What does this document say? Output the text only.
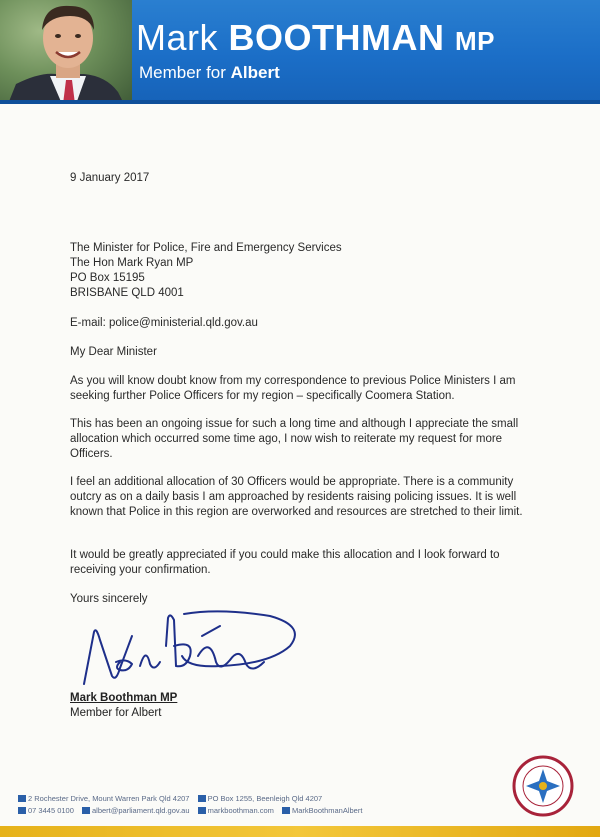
Mark BOOTHMAN MP
Member for Albert
9 January 2017

The Minister for Police, Fire and Emergency Services

The Hon Mark Ryan MP

PO Box 15195

BRISBANE QLD 4001

E-mail: police@ministerial.qld.gov.au
My Dear Minister
As you will know doubt know from my correspondence to previous Police Ministers I am seeking further Police Officers for my region – specifically Coomera Station.
This has been an ongoing issue for such a long time and although I appreciate the small allocation which occurred some time ago, I now wish to reiterate my request for more Officers.
I feel an additional allocation of 30 Officers would be appropriate. There is a community outcry as on a daily basis I am approached by residents raising policing issues. It is well known that Police in this region are overworked and resources are stretched to their limit.
It would be greatly appreciated if you could make this allocation and I look forward to receiving your confirmation.
Yours sincerely
Mark Boothman MP
Member for Albert
2 Rochester Drive, Mount Warren Park Qld 4207 PO Box 1255, Beenleigh Qld 4207
07 3445 0100 albert@parliament.qld.gov.au markboothman.com MarkBoothmanAlbert
